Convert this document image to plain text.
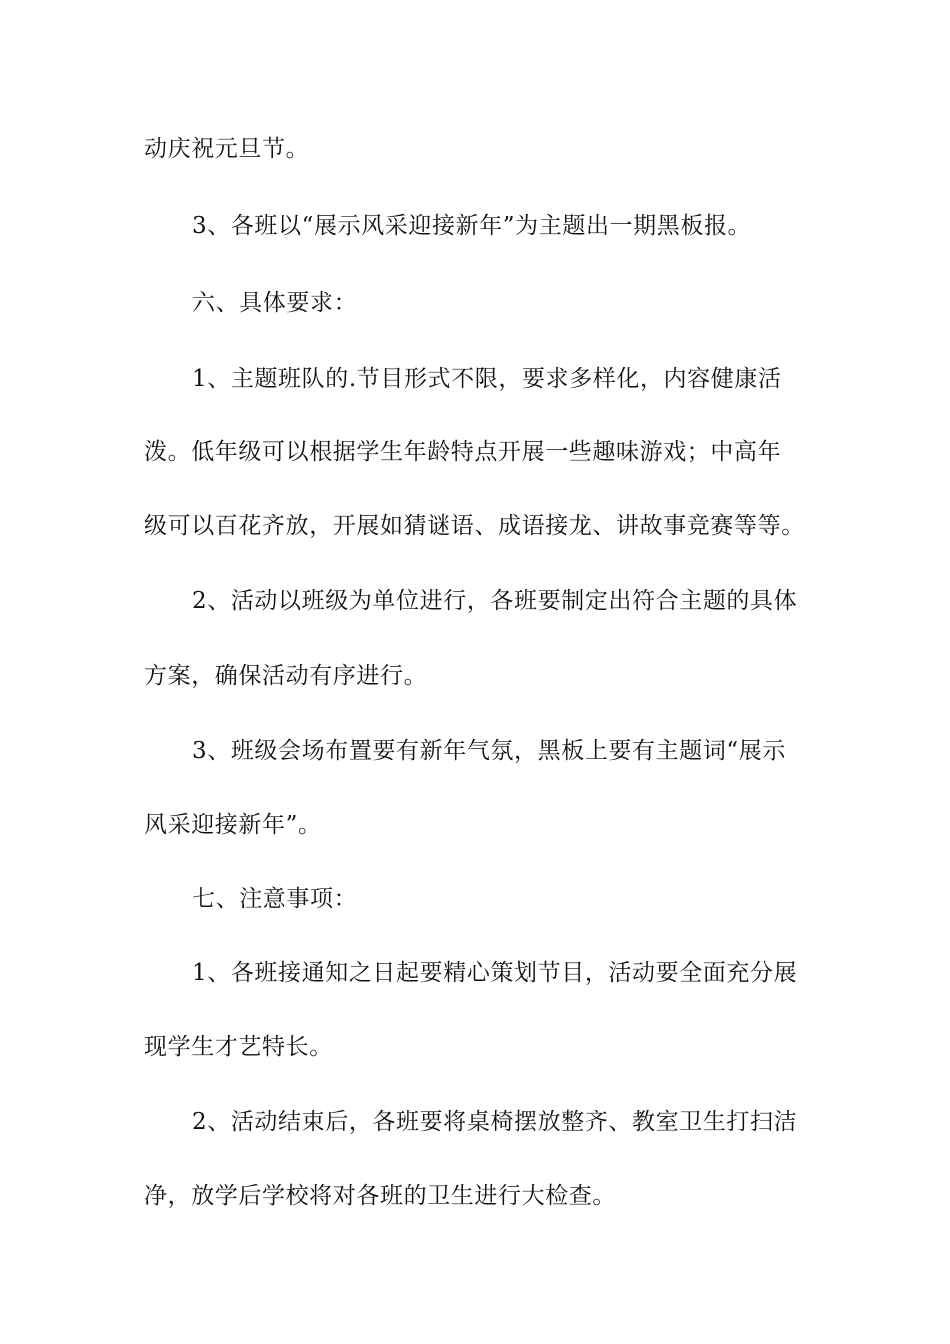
动庆祝元旦节。
3、各班以“展示风采迎接新年”为主题出一期黑板报。
六、具体要求：
1、主题班队的.节目形式不限，要求多样化，内容健康活
泼。低年级可以根据学生年龄特点开展一些趣味游戏；中高年
级可以百花齐放，开展如猜谜语、成语接龙、讲故事竞赛等等。
2、活动以班级为单位进行，各班要制定出符合主题的具体
方案，确保活动有序进行。
3、班级会场布置要有新年气氛，黑板上要有主题词“展示
风采迎接新年”。
七、注意事项：
1、各班接通知之日起要精心策划节目，活动要全面充分展
现学生才艺特长。
2、活动结束后，各班要将桌椅摆放整齐、教室卫生打扫洁
净，放学后学校将对各班的卫生进行大检查。
